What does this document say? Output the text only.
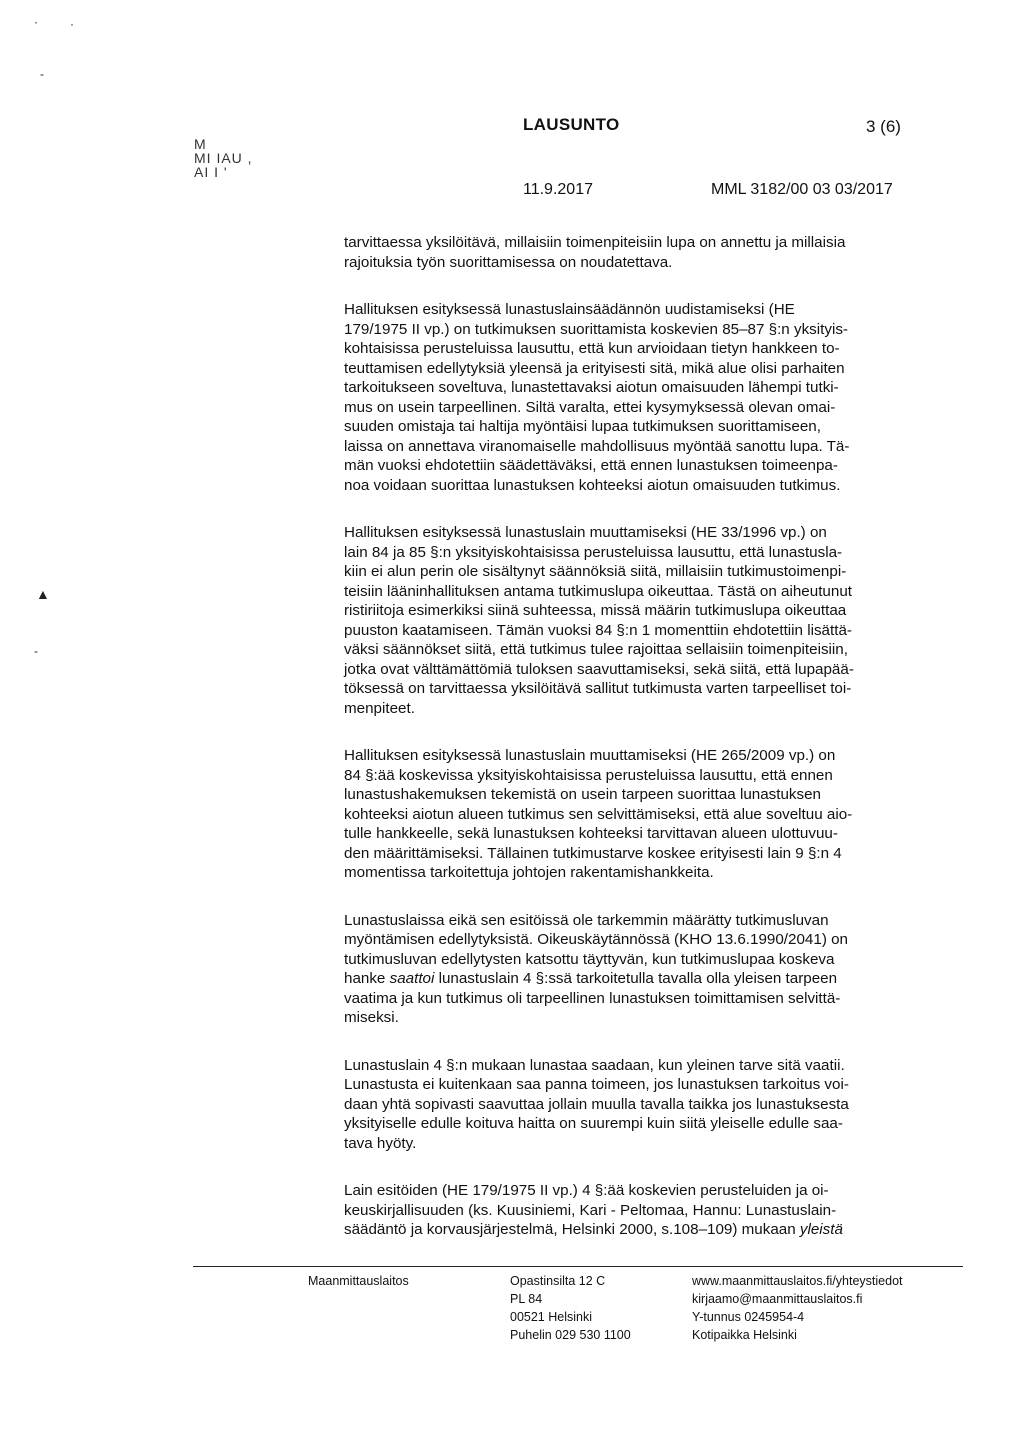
·	·
-
▲
-
M
MI IAU ,
AI I '
LAUSUNTO	3 (6)
11.9.2017	MML 3182/00 03 03/2017

tarvittaessa yksilöitävä, millaisiin toimenpiteisiin lupa on annettu ja millaisia
rajoituksia työn suorittamisessa on noudatettava.

Hallituksen esityksessä lunastuslainsäädännön uudistamiseksi (HE
179/1975 II vp.) on tutkimuksen suorittamista koskevien 85–87 §:n yksityis-
kohtaisissa perusteluissa lausuttu, että kun arvioidaan tietyn hankkeen to-
teuttamisen edellytyksiä yleensä ja erityisesti sitä, mikä alue olisi parhaiten
tarkoitukseen soveltuva, lunastettavaksi aiotun omaisuuden lähempi tutki-
mus on usein tarpeellinen. Siltä varalta, ettei kysymyksessä olevan omai-
suuden omistaja tai haltija myöntäisi lupaa tutkimuksen suorittamiseen,
laissa on annettava viranomaiselle mahdollisuus myöntää sanottu lupa. Tä-
män vuoksi ehdotettiin säädettäväksi, että ennen lunastuksen toimeenpa-
noa voidaan suorittaa lunastuksen kohteeksi aiotun omaisuuden tutkimus.

Hallituksen esityksessä lunastuslain muuttamiseksi (HE 33/1996 vp.) on
lain 84 ja 85 §:n yksityiskohtaisissa perusteluissa lausuttu, että lunastusla-
kiin ei alun perin ole sisältynyt säännöksiä siitä, millaisiin tutkimustoimenpi-
teisiin lääninhallituksen antama tutkimuslupa oikeuttaa. Tästä on aiheutunut
ristiriitoja esimerkiksi siinä suhteessa, missä määrin tutkimuslupa oikeuttaa
puuston kaatamiseen. Tämän vuoksi 84 §:n 1 momenttiin ehdotettiin lisättä-
väksi säännökset siitä, että tutkimus tulee rajoittaa sellaisiin toimenpiteisiin,
jotka ovat välttämättömiä tuloksen saavuttamiseksi, sekä siitä, että lupapää-
töksessä on tarvittaessa yksilöitävä sallitut tutkimusta varten tarpeelliset toi-
menpiteet.

Hallituksen esityksessä lunastuslain muuttamiseksi (HE 265/2009 vp.) on
84 §:ää koskevissa yksityiskohtaisissa perusteluissa lausuttu, että ennen
lunastushakemuksen tekemistä on usein tarpeen suorittaa lunastuksen
kohteeksi aiotun alueen tutkimus sen selvittämiseksi, että alue soveltuu aio-
tulle hankkeelle, sekä lunastuksen kohteeksi tarvittavan alueen ulottuvuu-
den määrittämiseksi. Tällainen tutkimustarve koskee erityisesti lain 9 §:n 4
momentissa tarkoitettuja johtojen rakentamishankkeita.

Lunastuslaissa eikä sen esitöissä ole tarkemmin määrätty tutkimusluvan
myöntämisen edellytyksistä. Oikeuskäytännössä (KHO 13.6.1990/2041) on
tutkimusluvan edellytysten katsottu täyttyvän, kun tutkimuslupaa koskeva
hanke saattoi lunastuslain 4 §:ssä tarkoitetulla tavalla olla yleisen tarpeen
vaatima ja kun tutkimus oli tarpeellinen lunastuksen toimittamisen selvittä-
miseksi.

Lunastuslain 4 §:n mukaan lunastaa saadaan, kun yleinen tarve sitä vaatii.
Lunastusta ei kuitenkaan saa panna toimeen, jos lunastuksen tarkoitus voi-
daan yhtä sopivasti saavuttaa jollain muulla tavalla taikka jos lunastuksesta
yksityiselle edulle koituva haitta on suurempi kuin siitä yleiselle edulle saa-
tava hyöty.

Lain esitöiden (HE 179/1975 II vp.) 4 §:ää koskevien perusteluiden ja oi-
keuskirjallisuuden (ks. Kuusiniemi, Kari - Peltomaa, Hannu: Lunastuslain-
säädäntö ja korvausjärjestelmä, Helsinki 2000, s.108–109) mukaan yleistä

Maanmittauslaitos	Opastinsilta 12 C
PL 84
00521 Helsinki
Puhelin 029 530 1100
www.maanmittauslaitos.fi/yhteystiedot
kirjaamo@maanmittauslaitos.fi
Y-tunnus 0245954-4
Kotipaikka Helsinki
